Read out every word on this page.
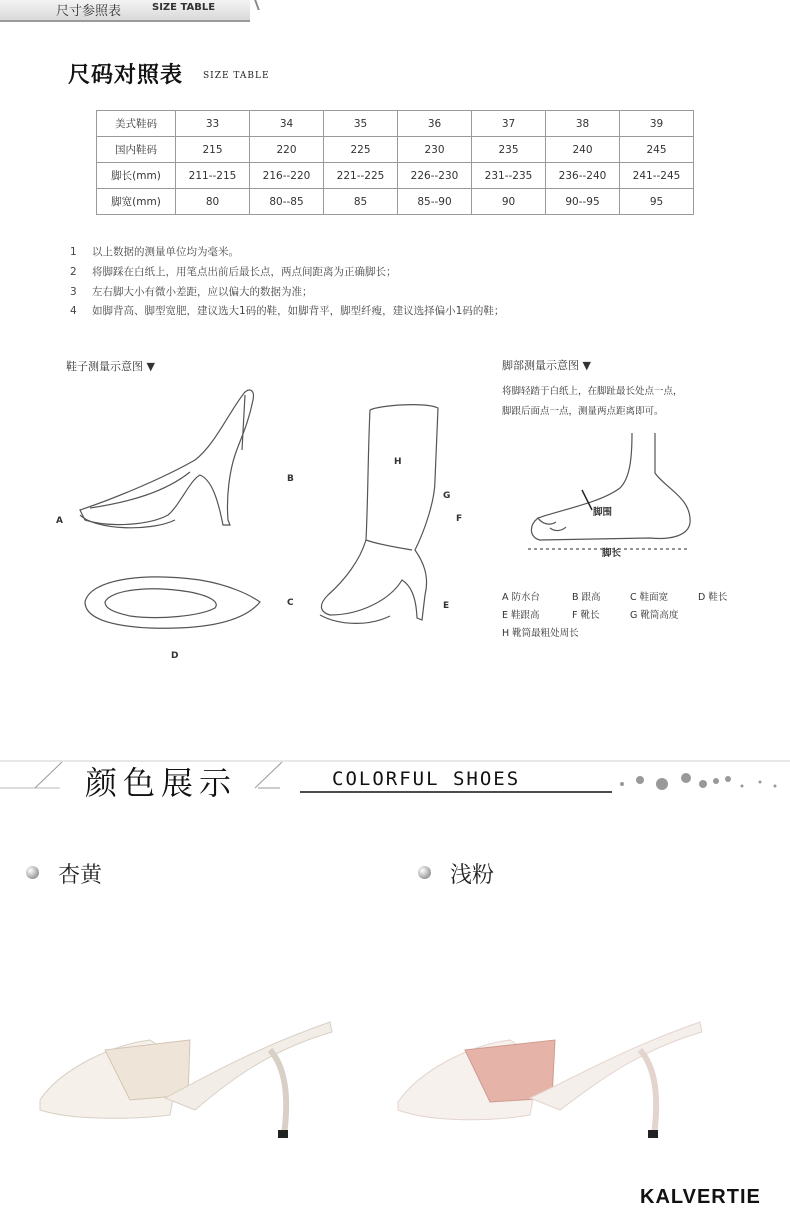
尺寸参照表	SIZE TABLE
尺码对照表 SIZE TABLE
美式鞋码	33	34	35	36	37	38	39
国内鞋码	215	220	225	230	235	240	245
脚长(mm)	211--215	216--220	221--225	226--230	231--235	236--240	241--245
脚宽(mm)	80	80--85	85	85--90	90	90--95	95
1 以上数据的测量单位均为毫米。
2 将脚踩在白纸上，用笔点出前后最长点，两点间距离为正确脚长；
3 左右脚大小有微小差距，应以偏大的数据为准；
4 如脚背高、脚型宽肥，建议选大1码的鞋，如脚背平，脚型纤瘦，建议选择偏小1码的鞋；
鞋子测量示意图 ▼
A
B
C
D
E
F
G
H
脚部测量示意图 ▼
将脚轻踏于白纸上，在脚趾最长处点一点，
脚跟后面点一点，测量两点距离即可。
脚围
脚长
A 防水台	B 跟高	C 鞋面宽	D 鞋长
E 鞋跟高	F 靴长	G 靴筒高度
H 靴筒最粗处周长
颜色展示	COLORFUL SHOES
杏黄	浅粉
KALVERTIE
